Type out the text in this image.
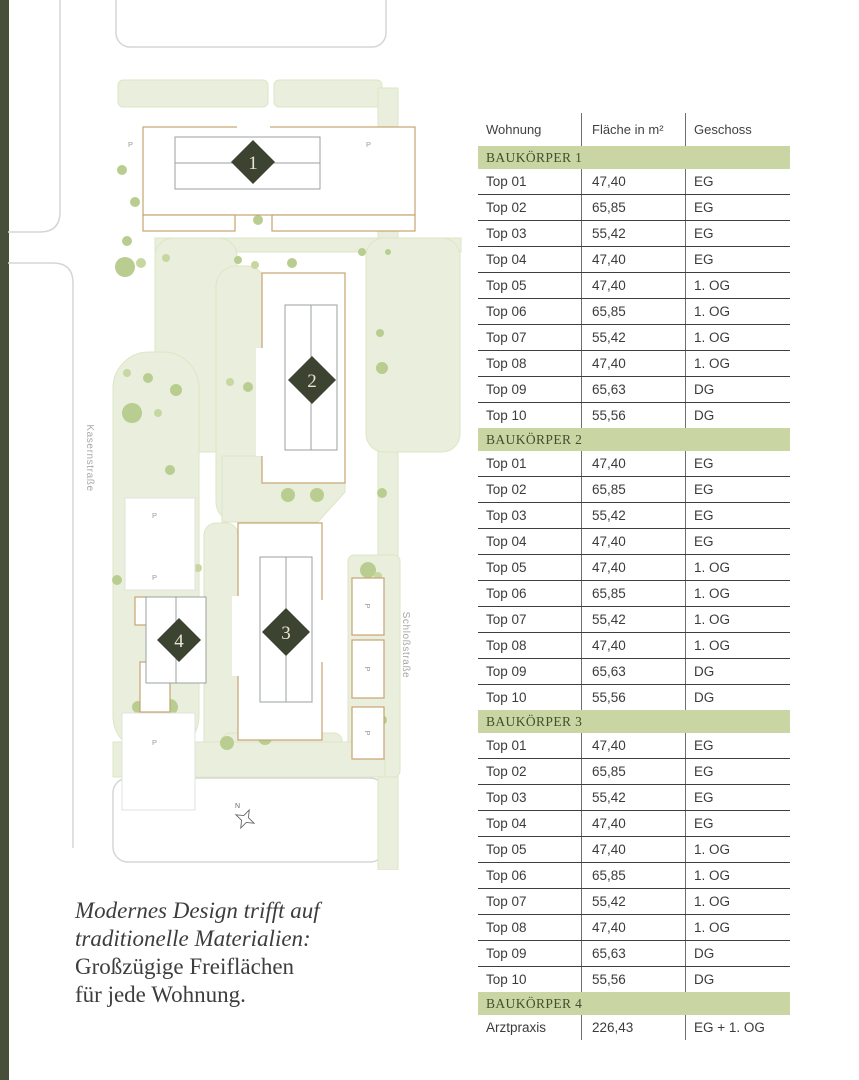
P
P
P
P	P
P
P
P
Kasernstraße
Schloßstraße
1
2
3
4
N
Modernes Design trifft auf
traditionelle Materialien:
Großzügige Freiflächen
für jede Wohnung.
Wohnung	Fläche in m²	Geschoss
BAUKÖRPER 1
Top 01	47,40	EG
Top 02	65,85	EG
Top 03	55,42	EG
Top 04	47,40	EG
Top 05	47,40	1. OG
Top 06	65,85	1. OG
Top 07	55,42	1. OG
Top 08	47,40	1. OG
Top 09	65,63	DG
Top 10	55,56	DG
BAUKÖRPER 2
Top 01	47,40	EG
Top 02	65,85	EG
Top 03	55,42	EG
Top 04	47,40	EG
Top 05	47,40	1. OG
Top 06	65,85	1. OG
Top 07	55,42	1. OG
Top 08	47,40	1. OG
Top 09	65,63	DG
Top 10	55,56	DG
BAUKÖRPER 3
Top 01	47,40	EG
Top 02	65,85	EG
Top 03	55,42	EG
Top 04	47,40	EG
Top 05	47,40	1. OG
Top 06	65,85	1. OG
Top 07	55,42	1. OG
Top 08	47,40	1. OG
Top 09	65,63	DG
Top 10	55,56	DG
BAUKÖRPER 4
Arztpraxis	226,43	EG + 1. OG
